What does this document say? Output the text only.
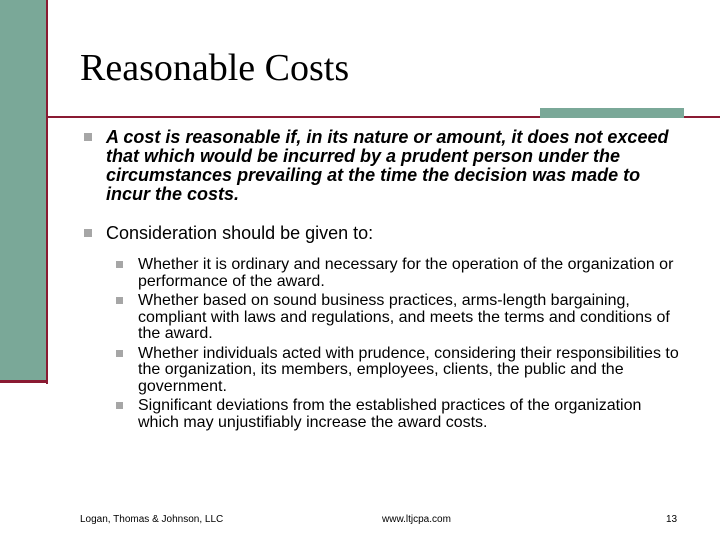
Reasonable Costs
A cost is reasonable if, in its nature or amount, it does not exceed that which would be incurred by a prudent person under the circumstances prevailing at the time the decision was made to incur the costs.
Consideration should be given to:
Whether it is ordinary and necessary for the operation of the organization or performance of the award.
Whether based on sound business practices, arms-length bargaining, compliant with laws and regulations, and meets the terms and conditions of the award.
Whether individuals acted with prudence, considering their responsibilities to the organization, its members, employees, clients, the public and the government.
Significant deviations from the established practices of the organization which may unjustifiably increase the award costs.
Logan, Thomas & Johnson, LLC	www.ltjcpa.com	13
